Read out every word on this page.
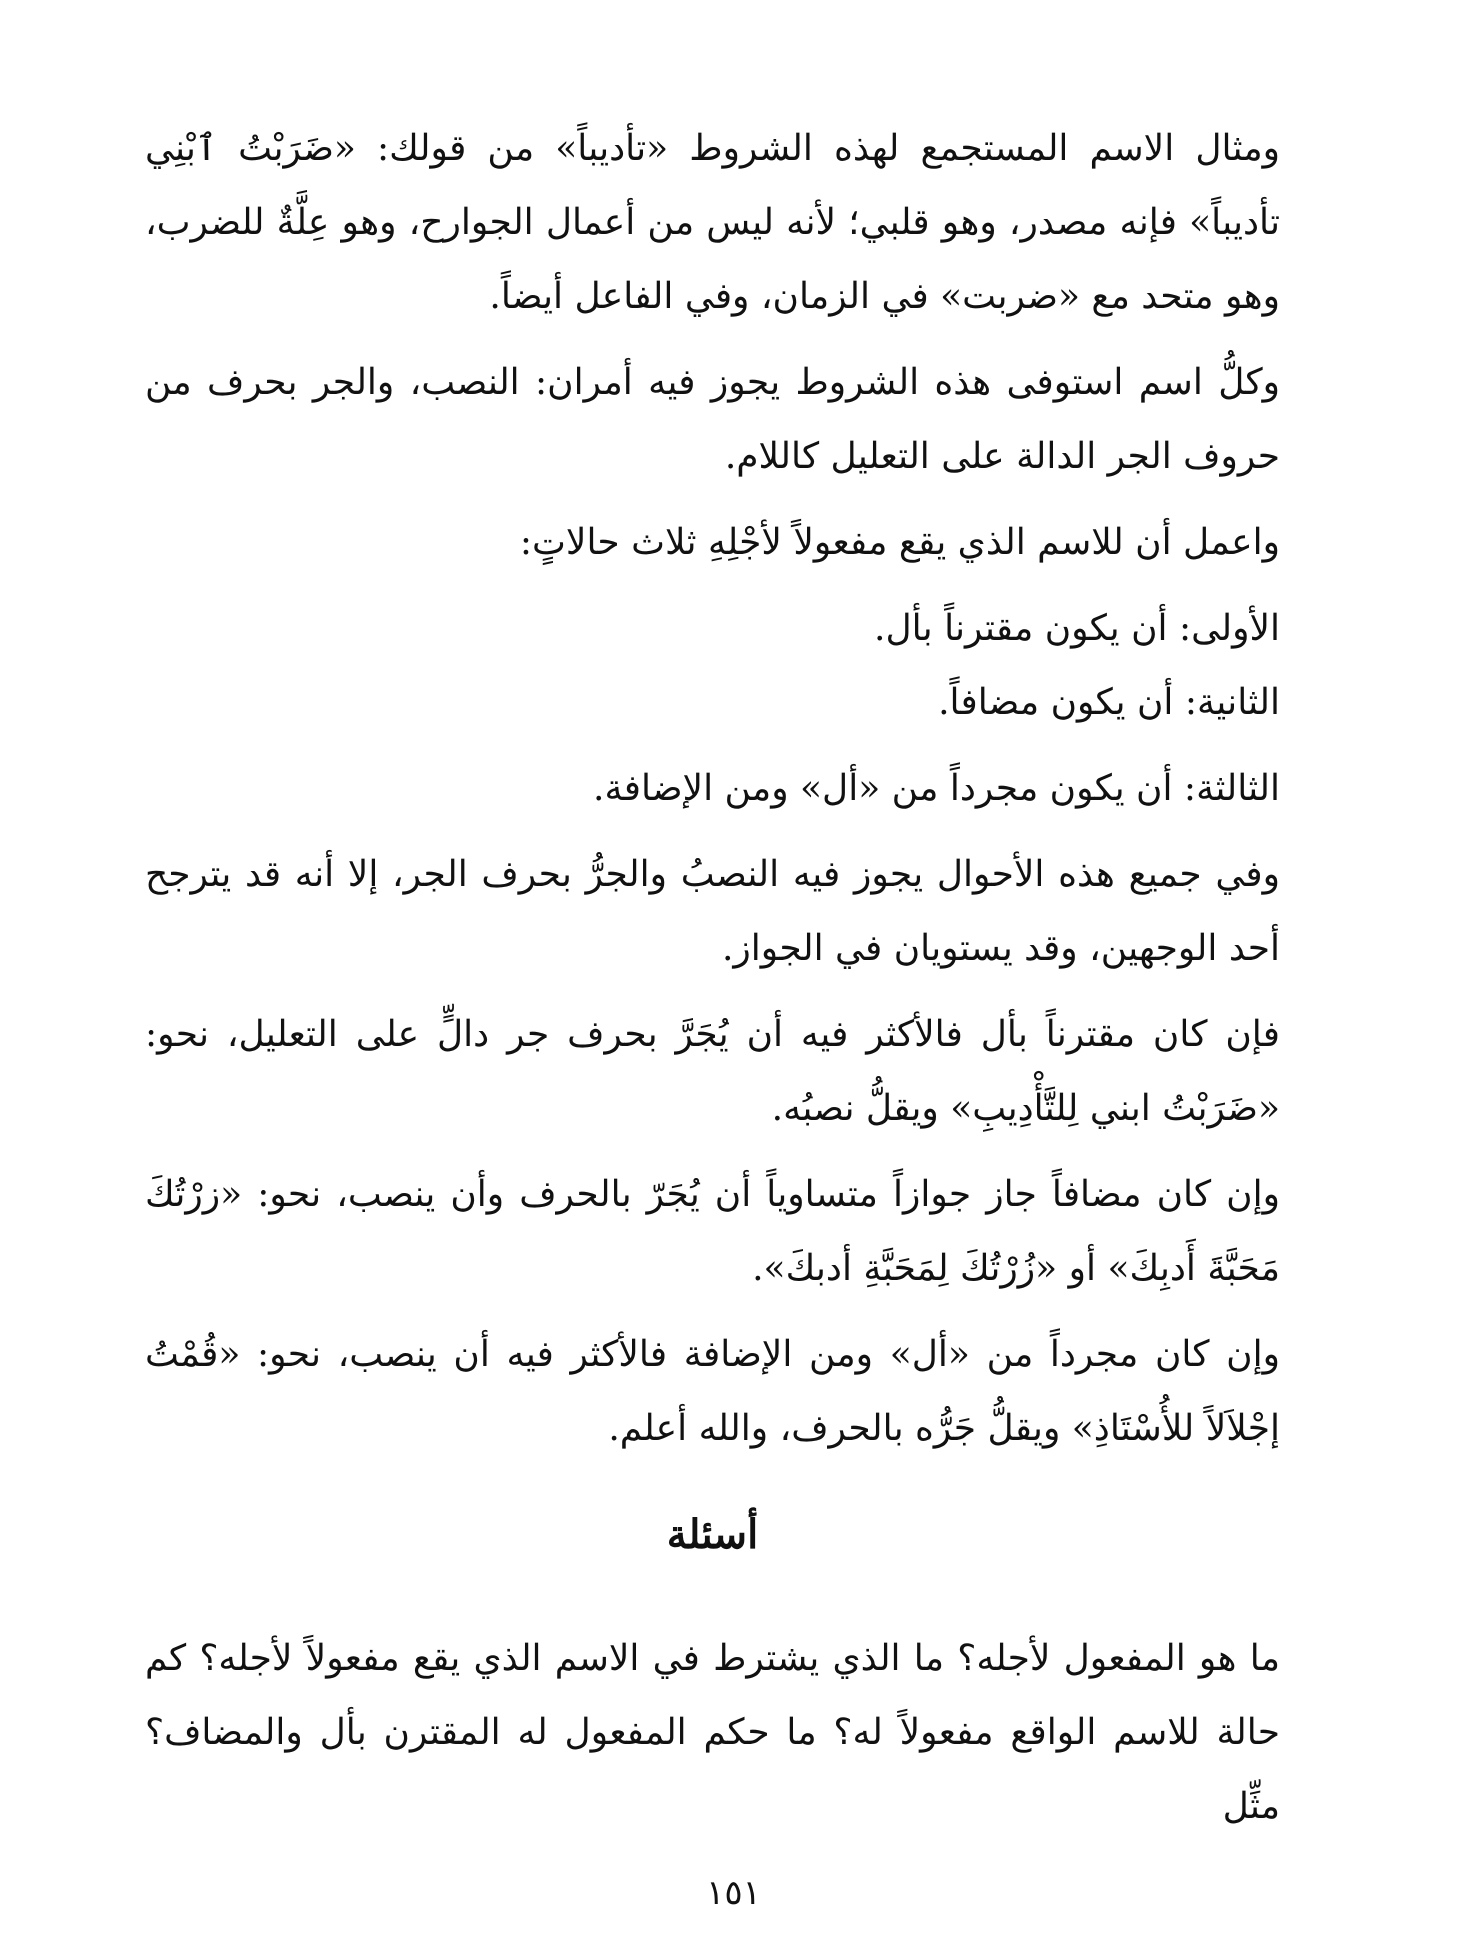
ومثال الاسم المستجمع لهذه الشروط «تأديباً» من قولك: «ضَرَبْتُ ٱبْنِي تأديباً» فإنه مصدر، وهو قلبي؛ لأنه ليس من أعمال الجوارح، وهو عِلَّةٌ للضرب، وهو متحد مع «ضربت» في الزمان، وفي الفاعل أيضاً.

وكلُّ اسم استوفى هذه الشروط يجوز فيه أمران: النصب، والجر بحرف من حروف الجر الدالة على التعليل كاللام.

واعمل أن للاسم الذي يقع مفعولاً لأجْلِهِ ثلاث حالاتٍ:

الأولى: أن يكون مقترناً بأل.

الثانية: أن يكون مضافاً.

الثالثة: أن يكون مجرداً من «أل» ومن الإضافة.

وفي جميع هذه الأحوال يجوز فيه النصبُ والجرُّ بحرف الجر، إلا أنه قد يترجح أحد الوجهين، وقد يستويان في الجواز.

فإن كان مقترناً بأل فالأكثر فيه أن يُجَرَّ بحرف جر دالٍّ على التعليل، نحو: «ضَرَبْتُ ابني لِلتَّأْدِيبِ» ويقلُّ نصبُه.

وإن كان مضافاً جاز جوازاً متساوياً أن يُجَرّ بالحرف وأن ينصب، نحو: «زرْتُكَ مَحَبَّةَ أَدبِكَ» أو «زُرْتُكَ لِمَحَبَّةِ أدبكَ».

وإن كان مجرداً من «أل» ومن الإضافة فالأكثر فيه أن ينصب، نحو: «قُمْتُ إجْلاَلاً للأُسْتَاذِ» ويقلُّ جَرُّه بالحرف، والله أعلم.

أسئلة

ما هو المفعول لأجله؟ ما الذي يشترط في الاسم الذي يقع مفعولاً لأجله؟ كم حالة للاسم الواقع مفعولاً له؟ ما حكم المفعول له المقترن بأل والمضاف؟ مثِّل

١٥١
